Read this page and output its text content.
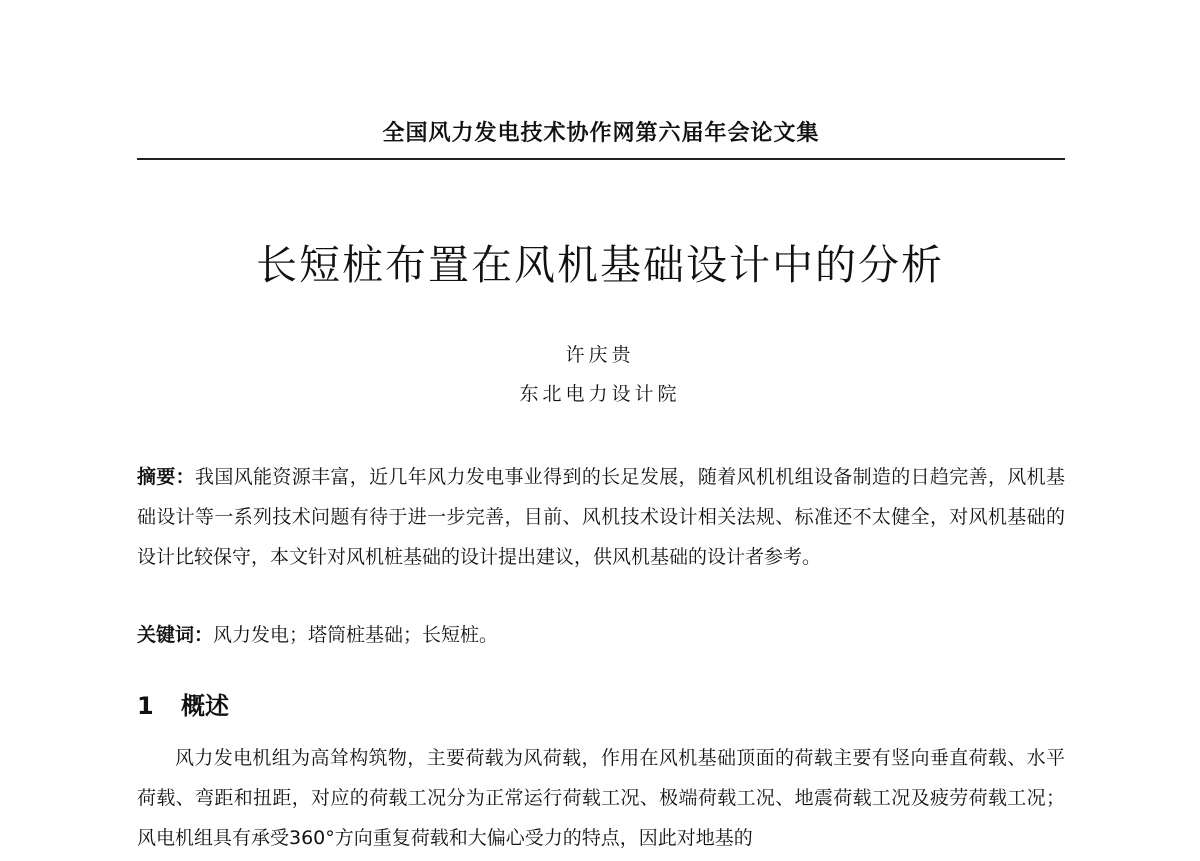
全国风力发电技术协作网第六届年会论文集
长短桩布置在风机基础设计中的分析
许庆贵
东北电力设计院

摘要：我国风能资源丰富，近几年风力发电事业得到的长足发展，随着风机机组设备制造的日趋完善，风机基础设计等一系列技术问题有待于进一步完善，目前、风机技术设计相关法规、标准还不太健全，对风机基础的设计比较保守，本文针对风机桩基础的设计提出建议，供风机基础的设计者参考。

关键词：风力发电；塔筒桩基础；长短桩。

1 概述

风力发电机组为高耸构筑物，主要荷载为风荷载，作用在风机基础顶面的荷载主要有竖向垂直荷载、水平荷载、弯距和扭距，对应的荷载工况分为正常运行荷载工况、极端荷载工况、地震荷载工况及疲劳荷载工况；风电机组具有承受360°方向重复荷载和大偏心受力的特点，因此对地基的
